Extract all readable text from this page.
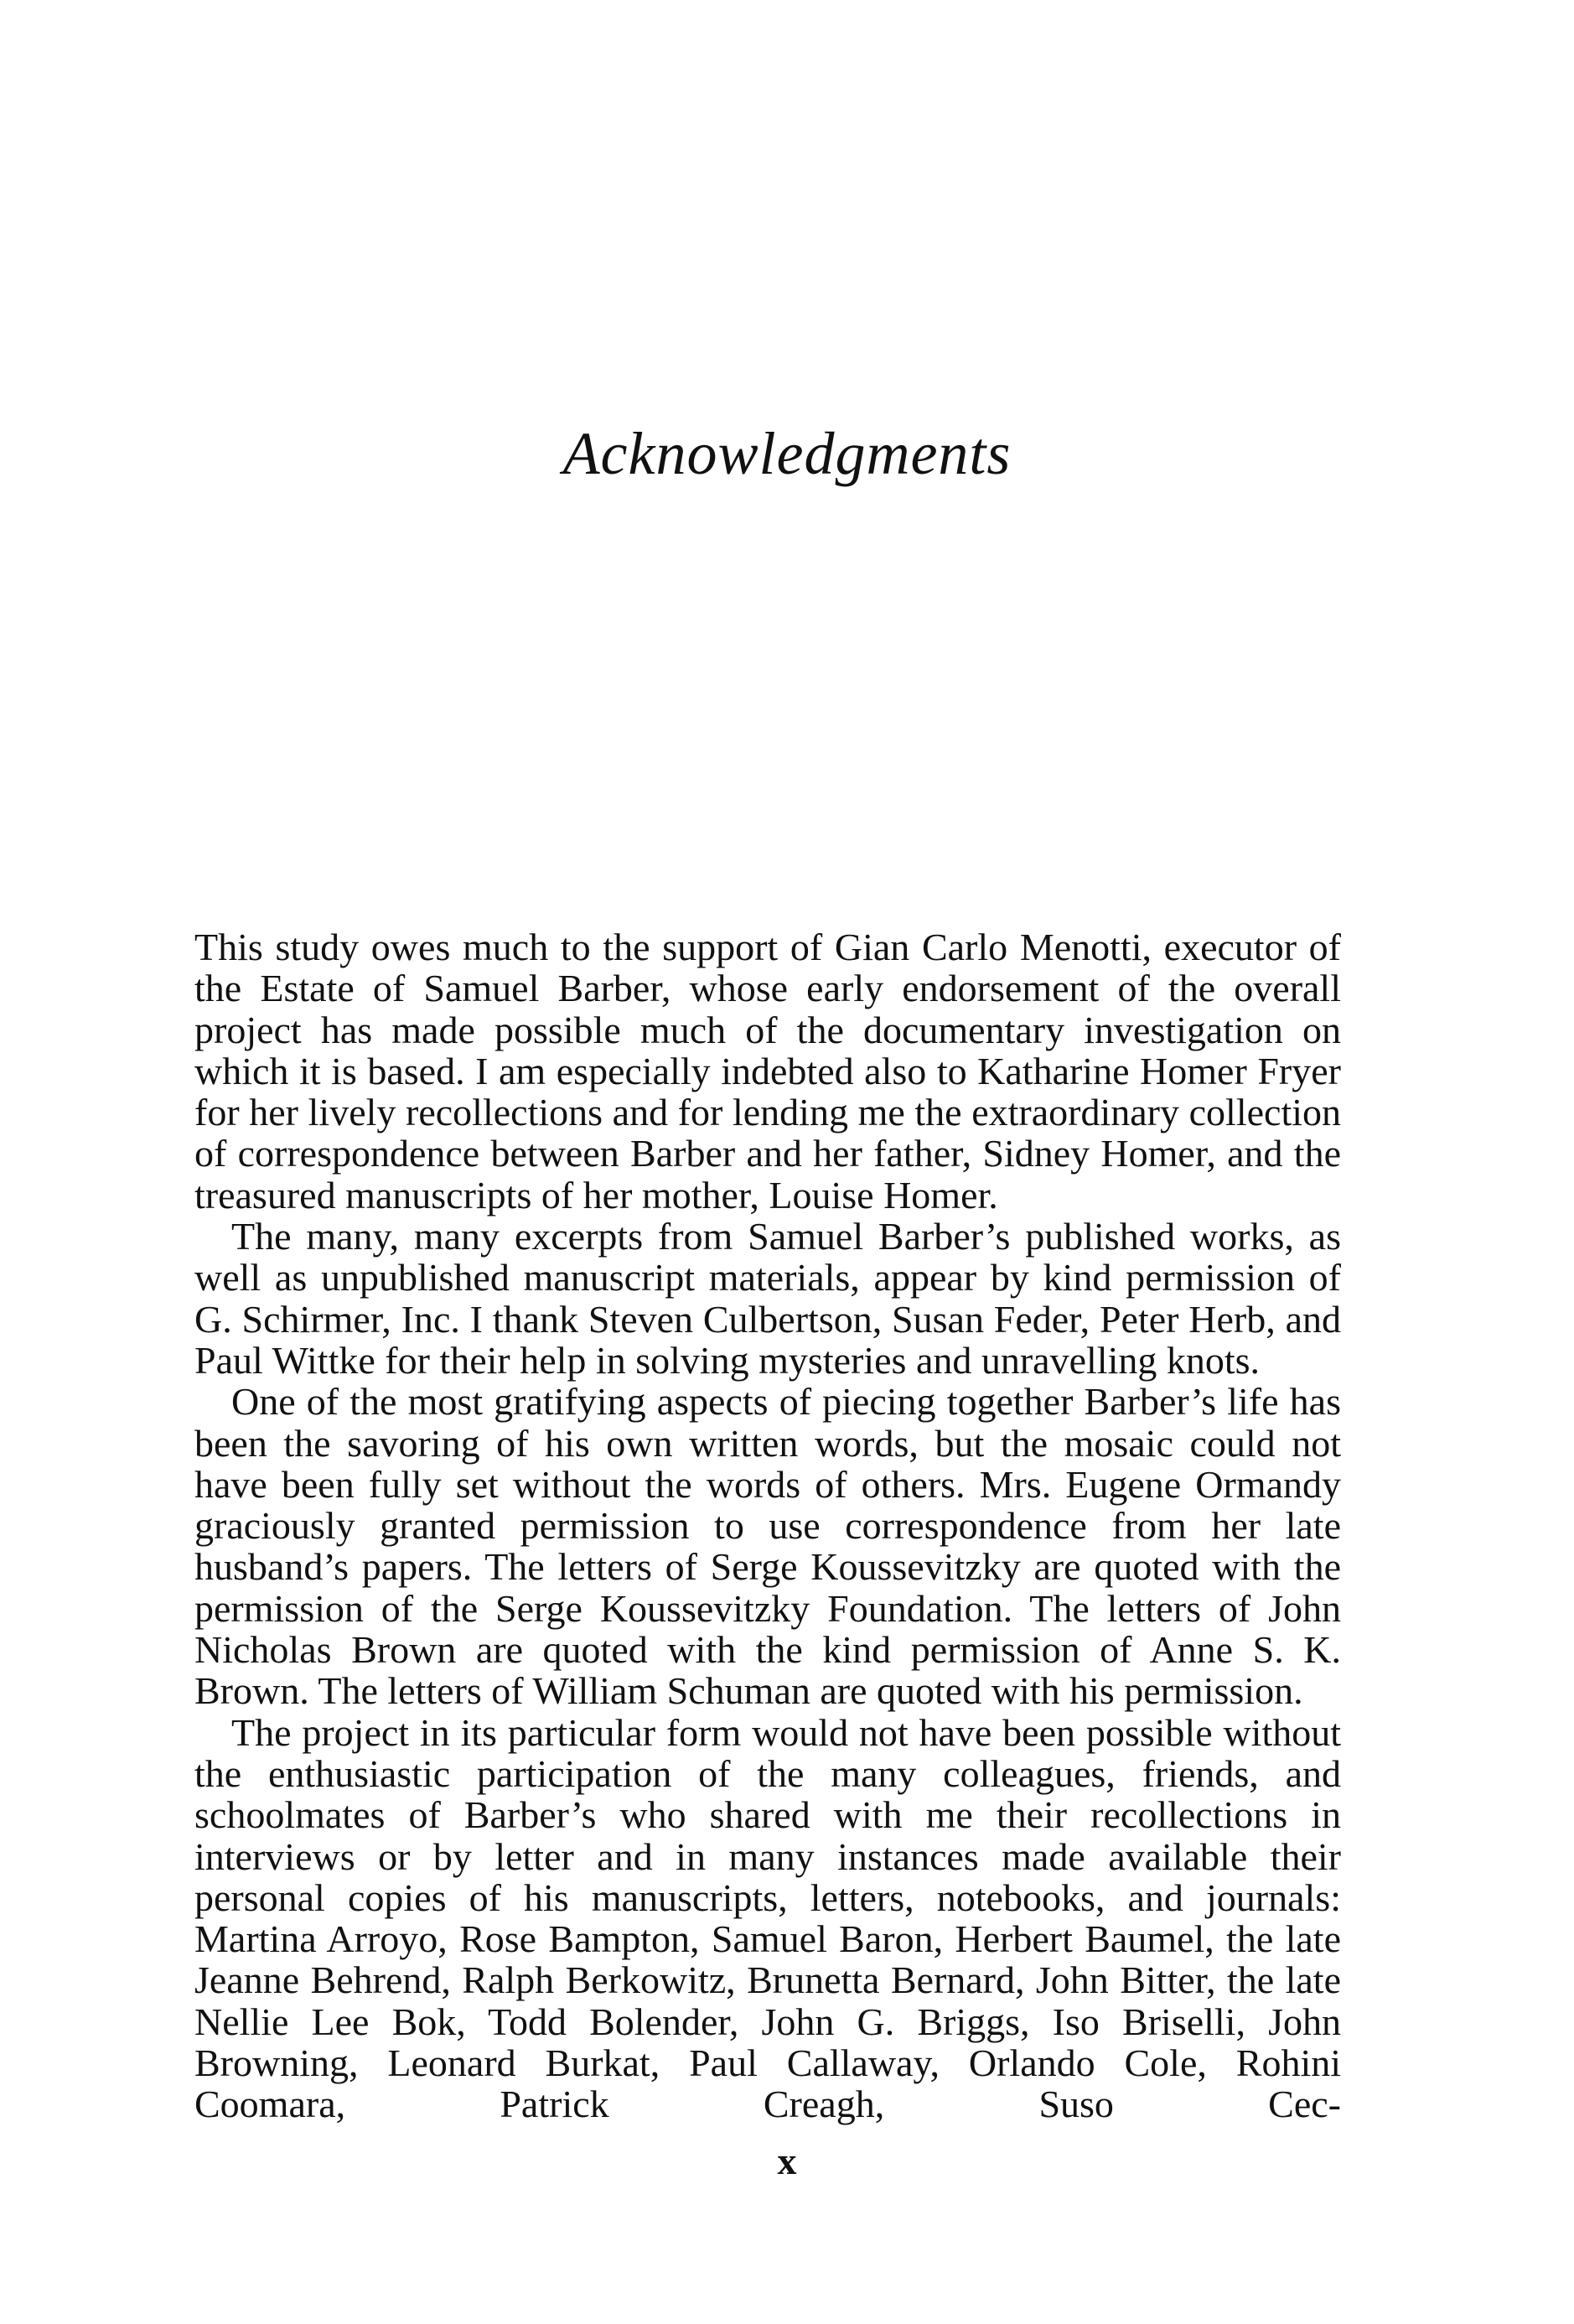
Acknowledgments

This study owes much to the support of Gian Carlo Menotti, executor of the Estate of Samuel Barber, whose early endorsement of the overall project has made possible much of the documentary investigation on which it is based. I am especially indebted also to Katharine Homer Fryer for her lively recollections and for lending me the extraordinary collection of correspondence between Barber and her father, Sidney Homer, and the treasured manuscripts of her mother, Louise Homer.

The many, many excerpts from Samuel Barber’s published works, as well as unpublished manuscript materials, appear by kind permission of G. Schirmer, Inc. I thank Steven Culbertson, Susan Feder, Peter Herb, and Paul Wittke for their help in solving mysteries and unravelling knots.

One of the most gratifying aspects of piecing together Barber’s life has been the savoring of his own written words, but the mosaic could not have been fully set without the words of others. Mrs. Eugene Ormandy graciously granted permission to use correspondence from her late husband’s papers. The letters of Serge Koussevitzky are quoted with the permission of the Serge Koussevitzky Foundation. The letters of John Nicholas Brown are quoted with the kind permission of Anne S. K. Brown. The letters of William Schuman are quoted with his permission.

The project in its particular form would not have been possible without the enthusiastic participation of the many colleagues, friends, and schoolmates of Barber’s who shared with me their recollections in interviews or by letter and in many instances made available their personal copies of his manuscripts, letters, notebooks, and journals: Martina Arroyo, Rose Bampton, Samuel Baron, Herbert Baumel, the late Jeanne Behrend, Ralph Berkowitz, Brunetta Bernard, John Bitter, the late Nellie Lee Bok, Todd Bolender, John G. Briggs, Iso Briselli, John Browning, Leonard Burkat, Paul Callaway, Orlando Cole, Rohini Coomara, Patrick Creagh, Suso Cec-

x
